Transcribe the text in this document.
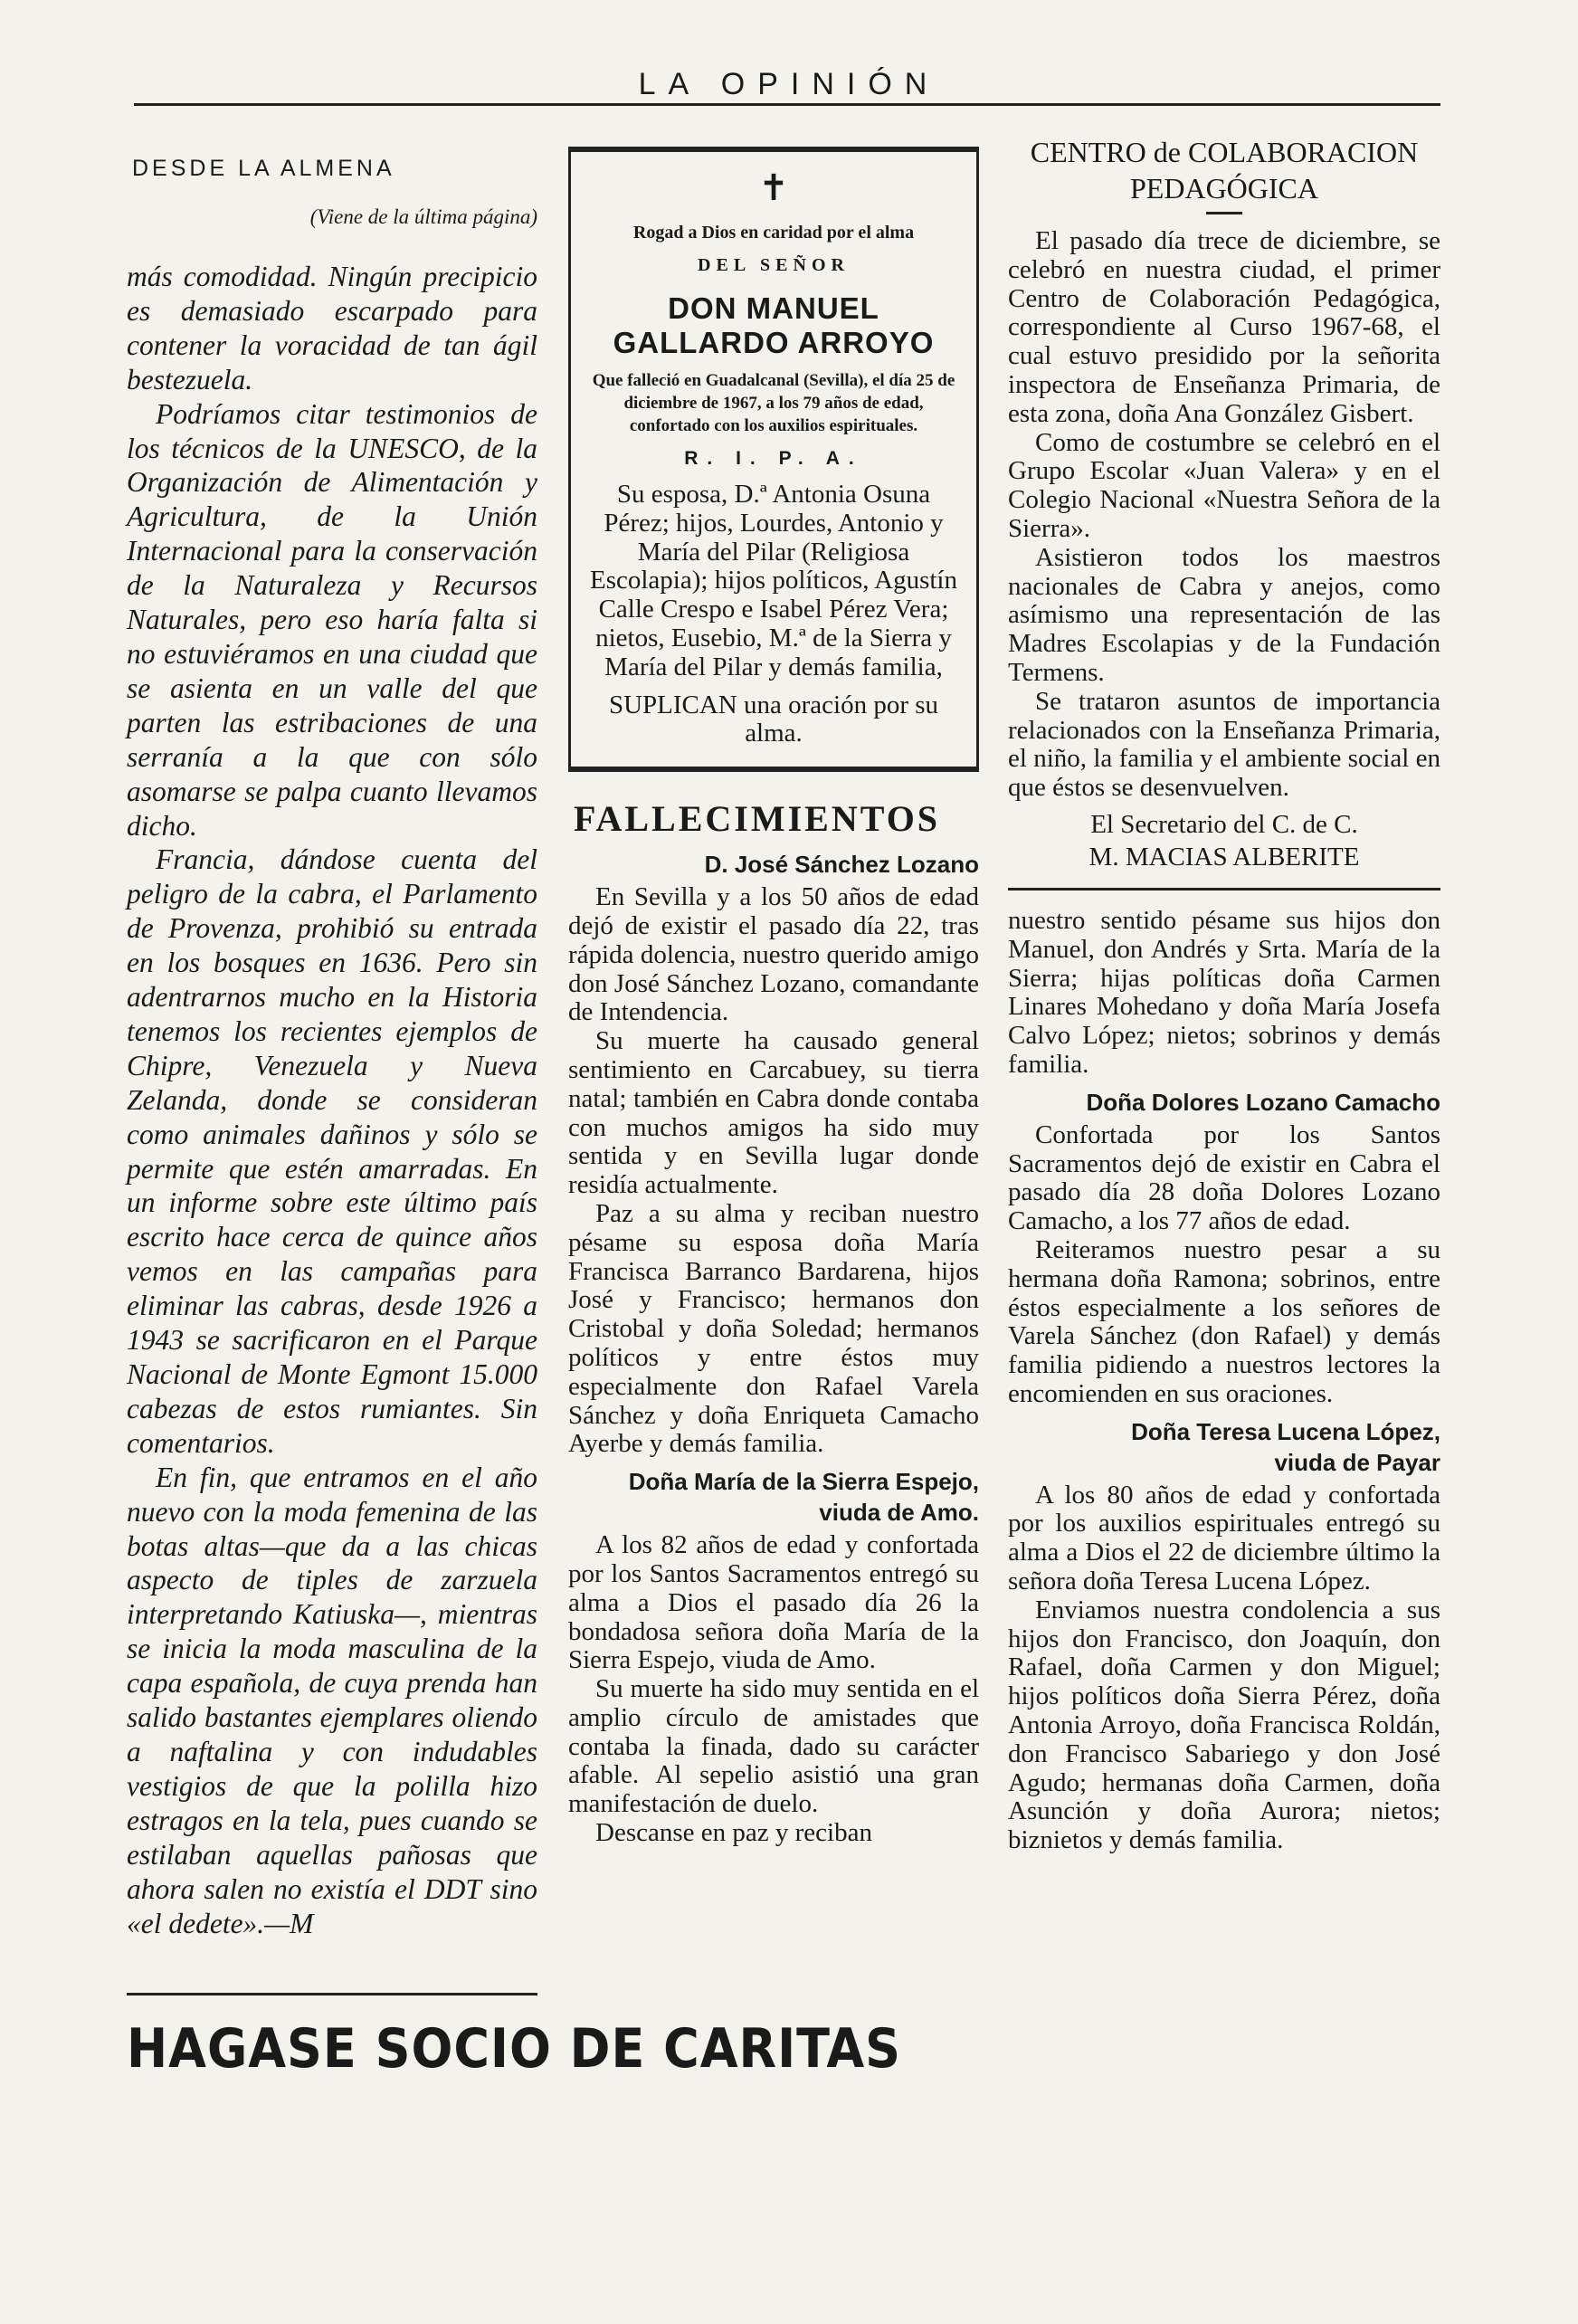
LA OPINIÓN
DESDE LA ALMENA
(Viene de la última página)

más comodidad. Ningún precipicio es demasiado escarpado para contener la voracidad de tan ágil bestezuela.

Podríamos citar testimonios de los técnicos de la UNESCO, de la Organización de Alimentación y Agricultura, de la Unión Internacional para la conservación de la Naturaleza y Recursos Naturales, pero eso haría falta si no estuviéramos en una ciudad que se asienta en un valle del que parten las estribaciones de una serranía a la que con sólo asomarse se palpa cuanto llevamos dicho.

Francia, dándose cuenta del peligro de la cabra, el Parlamento de Provenza, prohibió su entrada en los bosques en 1636. Pero sin adentrarnos mucho en la Historia tenemos los recientes ejemplos de Chipre, Venezuela y Nueva Zelanda, donde se consideran como animales dañinos y sólo se permite que estén amarradas. En un informe sobre este último país escrito hace cerca de quince años vemos en las campañas para eliminar las cabras, desde 1926 a 1943 se sacrificaron en el Parque Nacional de Monte Egmont 15.000 cabezas de estos rumiantes. Sin comentarios.

En fin, que entramos en el año nuevo con la moda femenina de las botas altas—que da a las chicas aspecto de tiples de zarzuela interpretando Katiuska—, mientras se inicia la moda masculina de la capa española, de cuya prenda han salido bastantes ejemplares oliendo a naftalina y con indudables vestigios de que la polilla hizo estragos en la tela, pues cuando se estilaban aquellas pañosas que ahora salen no existía el DDT sino «el dedete».—M

HAGASE SOCIO DE CARITAS
✝
Rogad a Dios en caridad por el alma
DEL SEÑOR
DON MANUEL GALLARDO ARROYO
Que falleció en Guadalcanal (Sevilla), el día 25 de diciembre de 1967, a los 79 años de edad, confortado con los auxilios espirituales.
R. I. P. A.

Su esposa, D.ª Antonia Osuna Pérez; hijos, Lourdes, Antonio y María del Pilar (Religiosa Escolapia); hijos políticos, Agustín Calle Crespo e Isabel Pérez Vera; nietos, Eusebio, M.ª de la Sierra y María del Pilar y demás familia,

SUPLICAN una oración por su alma.

FALLECIMIENTOS
D. José Sánchez Lozano

En Sevilla y a los 50 años de edad dejó de existir el pasado día 22, tras rápida dolencia, nuestro querido amigo don José Sánchez Lozano, comandante de Intendencia.

Su muerte ha causado general sentimiento en Carcabuey, su tierra natal; también en Cabra donde contaba con muchos amigos ha sido muy sentida y en Sevilla lugar donde residía actualmente.

Paz a su alma y reciban nuestro pésame su esposa doña María Francisca Barranco Bardarena, hijos José y Francisco; hermanos don Cristobal y doña Soledad; hermanos políticos y entre éstos muy especialmente don Rafael Varela Sánchez y doña Enriqueta Camacho Ayerbe y demás familia.

Doña María de la Sierra Espejo,
viuda de Amo.

A los 82 años de edad y confortada por los Santos Sacramentos entregó su alma a Dios el pasado día 26 la bondadosa señora doña María de la Sierra Espejo, viuda de Amo.

Su muerte ha sido muy sentida en el amplio círculo de amistades que contaba la finada, dado su carácter afable. Al sepelio asistió una gran manifestación de duelo.

Descanse en paz y reciban

CENTRO de COLABORACION
PEDAGÓGICA

El pasado día trece de diciembre, se celebró en nuestra ciudad, el primer Centro de Colaboración Pedagógica, correspondiente al Curso 1967-68, el cual estuvo presidido por la señorita inspectora de Enseñanza Primaria, de esta zona, doña Ana González Gisbert.

Como de costumbre se celebró en el Grupo Escolar «Juan Valera» y en el Colegio Nacional «Nuestra Señora de la Sierra».

Asistieron todos los maestros nacionales de Cabra y anejos, como asímismo una representación de las Madres Escolapias y de la Fundación Termens.

Se trataron asuntos de importancia relacionados con la Enseñanza Primaria, el niño, la familia y el ambiente social en que éstos se desenvuelven.

El Secretario del C. de C.
M. MACIAS ALBERITE

nuestro sentido pésame sus hijos don Manuel, don Andrés y Srta. María de la Sierra; hijas políticas doña Carmen Linares Mohedano y doña María Josefa Calvo López; nietos; sobrinos y demás familia.

Doña Dolores Lozano Camacho

Confortada por los Santos Sacramentos dejó de existir en Cabra el pasado día 28 doña Dolores Lozano Camacho, a los 77 años de edad.

Reiteramos nuestro pesar a su hermana doña Ramona; sobrinos, entre éstos especialmente a los señores de Varela Sánchez (don Rafael) y demás familia pidiendo a nuestros lectores la encomienden en sus oraciones.

Doña Teresa Lucena López,
viuda de Payar

A los 80 años de edad y confortada por los auxilios espirituales entregó su alma a Dios el 22 de diciembre último la señora doña Teresa Lucena López.

Enviamos nuestra condolencia a sus hijos don Francisco, don Joaquín, don Rafael, doña Carmen y don Miguel; hijos políticos doña Sierra Pérez, doña Antonia Arroyo, doña Francisca Roldán, don Francisco Sabariego y don José Agudo; hermanas doña Carmen, doña Asunción y doña Aurora; nietos; biznietos y demás familia.
